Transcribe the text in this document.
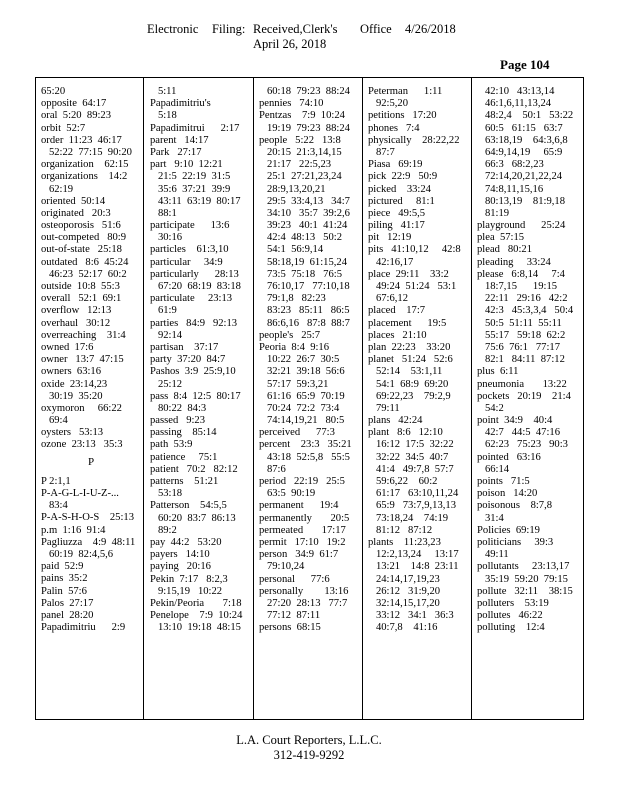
Electronic Filing: Received,Clerk's Office 4/26/2018
April 26, 2018
Page 104
65:20
opposite  64:17
oral  5:20  89:23
orbit  52:7
order  11:23  46:17
52:22  77:15  90:20
organization    62:15
organizations    14:2
62:19
oriented  50:14
originated   20:3
osteoporosis   51:6
out-competed   80:9
out-of-state   25:18
outdated   8:6  45:24
46:23  52:17  60:2
outside  10:8  55:3
overall   52:1  69:1
overflow   12:13
overhaul   30:12
overreaching    31:4
owned  17:6
owner   13:7  47:15
owners  63:16
oxide  23:14,23
30:19  35:20
oxymoron     66:22
69:4
oysters   53:13
ozone  23:13   35:3
P
P 2:1,1
P-A-G-L-I-U-Z-...
83:4
P-A-S-H-O-S    25:13
p.m  1:16  91:4
Pagliuzza    4:9  48:11
60:19  82:4,5,6
paid  52:9
pains  35:2
Palin  57:6
Palos  27:17
panel  28:20
Papadimitriu      2:9
5:11
Papadimitriu's
5:18
Papadimitrui      2:17
parent   14:17
Park   27:17
part   9:10  12:21
21:5  22:19  31:5
35:6  37:21  39:9
43:11  63:19  80:17
88:1
participate      13:6
30:16
particles    61:3,10
particular     34:9
particularly      28:13
67:20  68:19  83:18
particulate     23:13
61:9
parties   84:9   92:13
92:14
partisan    37:17
party  37:20  84:7
Pashos  3:9  25:9,10
25:12
pass  8:4  12:5  80:17
80:22  84:3
passed   9:23
passing    85:14
path  53:9
patience     75:1
patient   70:2   82:12
patterns    51:21
53:18
Patterson    54:5,5
60:20  83:7  86:13
89:2
pay  44:2   53:20
payers   14:10
paying   20:16
Pekin  7:17   8:2,3
9:15,19   10:22
Pekin/Peoria       7:18
Penelope    7:9  10:24
13:10  19:18  48:15
60:18  79:23  88:24
pennies   74:10
Pentzas    7:9  10:24
19:19  79:23  88:24
people   5:22   13:8
20:15  21:3,14,15
21:17   22:5,23
25:1  27:21,23,24
28:9,13,20,21
29:5  33:4,13   34:7
34:10   35:7  39:2,6
39:23   40:1  41:24
42:4  48:13   50:2
54:1  56:9,14
58:18,19  61:15,24
73:5  75:18   76:5
76:10,17   77:10,18
79:1,8   82:23
83:23   85:11   86:5
86:6,16   87:8  88:7
people's   25:7
Peoria  8:4  9:16
10:22  26:7  30:5
32:21  39:18  56:6
57:17  59:3,21
61:16  65:9  70:19
70:24  72:2  73:4
74:14,19,21   80:5
perceived      77:3
percent    23:3   35:21
43:18  52:5,8   55:5
87:6
period   22:19   25:5
63:5  90:19
permanent      19:4
permanently       20:5
permeated       17:17
permit   17:10   19:2
person   34:9  61:7
79:10,24
personal      77:6
personally        13:16
27:20  28:13   77:7
77:12  87:11
persons  68:15
Peterman      1:11
92:5,20
petitions   17:20
phones   7:4
physically    28:22,22
87:7
Piasa   69:19
pick  22:9   50:9
picked    33:24
pictured     81:1
piece   49:5,5
piling   41:17
pit   12:19
pits   41:10,12     42:8
42:16,17
place  29:11    33:2
49:24  51:24   53:1
67:6,12
placed    17:7
placement      19:5
places   21:10
plan  22:23    33:20
planet   51:24   52:6
52:14    53:1,11
54:1  68:9  69:20
69:22,23    79:2,9
79:11
plans   42:24
plant   8:6   12:10
16:12  17:5  32:22
32:22  34:5  40:7
41:4   49:7,8  57:7
59:6,22    60:2
61:17   63:10,11,24
65:9   73:7,9,13,13
73:18,24    74:19
81:12   87:12
plants    11:23,23
12:2,13,24     13:17
13:21    14:8  23:11
24:14,17,19,23
26:12   31:9,20
32:14,15,17,20
33:12   34:1   36:3
40:7,8    41:16
42:10   43:13,14
46:1,6,11,13,24
48:2,4    50:1   53:22
60:5   61:15   63:7
63:18,19    64:3,6,8
64:9,14,19     65:9
66:3   68:2,23
72:14,20,21,22,24
74:8,11,15,16
80:13,19    81:9,18
81:19
playground      25:24
plea  57:15
plead   80:21
pleading     33:24
please   6:8,14     7:4
18:7,15      19:15
22:11   29:16   42:2
42:3   45:3,3,4   50:4
50:5  51:11  55:11
55:17   59:18  62:2
75:6  76:1   77:17
82:1   84:11  87:12
plus  6:11
pneumonia       13:22
pockets   20:19    21:4
54:2
point  34:9    40:4
42:7   44:5  47:16
62:23   75:23   90:3
pointed   63:16
66:14
points   71:5
poison   14:20
poisonous    8:7,8
31:4
Policies  69:19
politicians     39:3
49:11
pollutants     23:13,17
35:19  59:20  79:15
pollute   32:11    38:15
polluters    53:19
pollutes   46:22
polluting    12:4
L.A. Court Reporters, L.L.C.
312-419-9292
